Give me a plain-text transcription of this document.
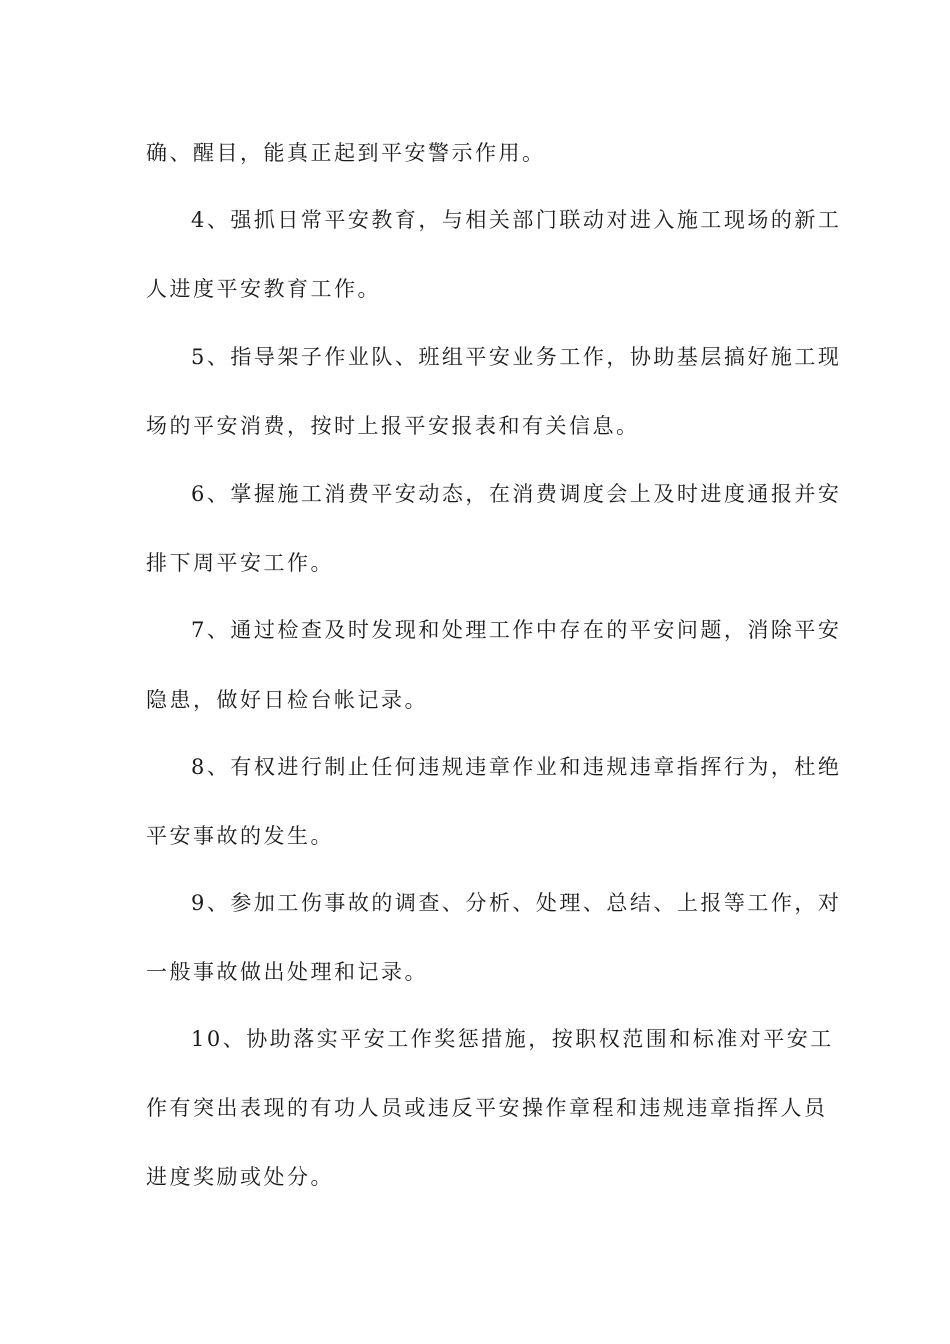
确、醒目，能真正起到平安警示作用。
4、强抓日常平安教育，与相关部门联动对进入施工现场的新工
人进度平安教育工作。
5、指导架子作业队、班组平安业务工作，协助基层搞好施工现
场的平安消费，按时上报平安报表和有关信息。
6、掌握施工消费平安动态，在消费调度会上及时进度通报并安
排下周平安工作。
7、通过检查及时发现和处理工作中存在的平安问题，消除平安
隐患，做好日检台帐记录。
8、有权进行制止任何违规违章作业和违规违章指挥行为，杜绝
平安事故的发生。
9、参加工伤事故的调查、分析、处理、总结、上报等工作，对
一般事故做出处理和记录。
10、协助落实平安工作奖惩措施，按职权范围和标准对平安工
作有突出表现的有功人员或违反平安操作章程和违规违章指挥人员
进度奖励或处分。
